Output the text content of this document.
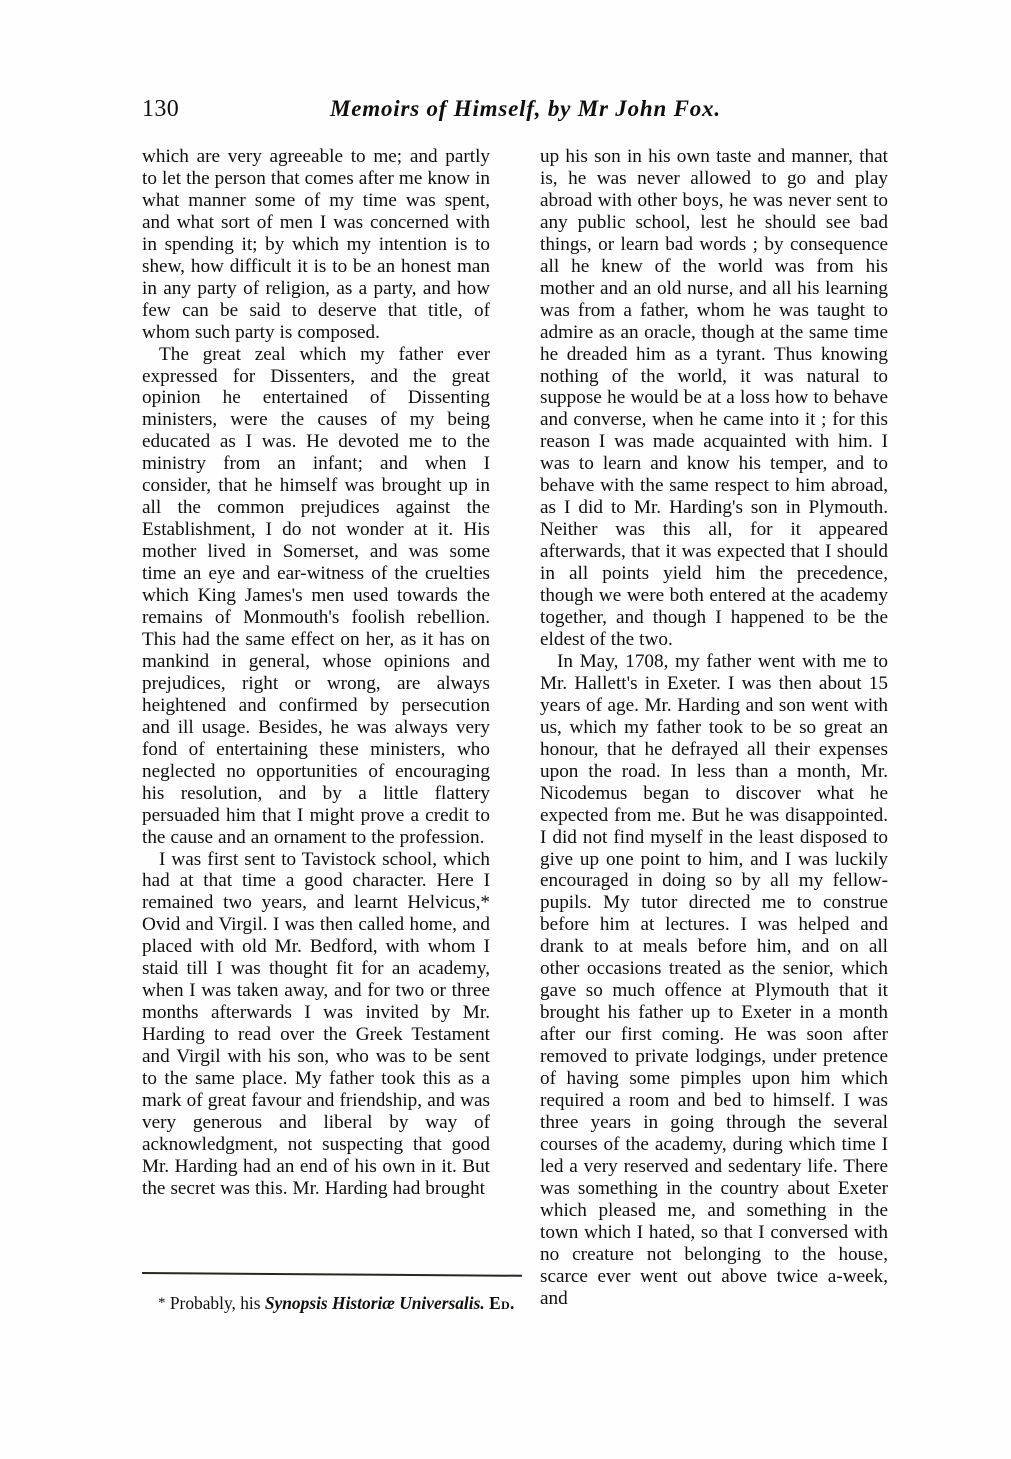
130	Memoirs of Himself, by Mr John Fox.

which are very agreeable to me; and partly to let the person that comes after me know in what manner some of my time was spent, and what sort of men I was concerned with in spending it; by which my intention is to shew, how difficult it is to be an honest man in any party of religion, as a party, and how few can be said to deserve that title, of whom such party is composed.

The great zeal which my father ever expressed for Dissenters, and the great opinion he entertained of Dissenting ministers, were the causes of my being educated as I was. He devoted me to the ministry from an infant; and when I consider, that he himself was brought up in all the common prejudices against the Establishment, I do not wonder at it. His mother lived in Somerset, and was some time an eye and ear-witness of the cruelties which King James's men used towards the remains of Monmouth's foolish rebellion. This had the same effect on her, as it has on mankind in general, whose opinions and prejudices, right or wrong, are always heightened and confirmed by persecution and ill usage. Besides, he was always very fond of entertaining these ministers, who neglected no opportunities of encouraging his resolution, and by a little flattery persuaded him that I might prove a credit to the cause and an ornament to the profession.

I was first sent to Tavistock school, which had at that time a good character. Here I remained two years, and learnt Helvicus,* Ovid and Virgil. I was then called home, and placed with old Mr. Bedford, with whom I staid till I was thought fit for an academy, when I was taken away, and for two or three months afterwards I was invited by Mr. Harding to read over the Greek Testament and Virgil with his son, who was to be sent to the same place. My father took this as a mark of great favour and friendship, and was very generous and liberal by way of acknowledgment, not suspecting that good Mr. Harding had an end of his own in it. But the secret was this. Mr. Harding had brought

up his son in his own taste and manner, that is, he was never allowed to go and play abroad with other boys, he was never sent to any public school, lest he should see bad things, or learn bad words ; by consequence all he knew of the world was from his mother and an old nurse, and all his learning was from a father, whom he was taught to admire as an oracle, though at the same time he dreaded him as a tyrant. Thus knowing nothing of the world, it was natural to suppose he would be at a loss how to behave and converse, when he came into it ; for this reason I was made acquainted with him. I was to learn and know his temper, and to behave with the same respect to him abroad, as I did to Mr. Harding's son in Plymouth. Neither was this all, for it appeared afterwards, that it was expected that I should in all points yield him the precedence, though we were both entered at the academy together, and though I happened to be the eldest of the two.

In May, 1708, my father went with me to Mr. Hallett's in Exeter. I was then about 15 years of age. Mr. Harding and son went with us, which my father took to be so great an honour, that he defrayed all their expenses upon the road. In less than a month, Mr. Nicodemus began to discover what he expected from me. But he was disappointed. I did not find myself in the least disposed to give up one point to him, and I was luckily encouraged in doing so by all my fellow-pupils. My tutor directed me to construe before him at lectures. I was helped and drank to at meals before him, and on all other occasions treated as the senior, which gave so much offence at Plymouth that it brought his father up to Exeter in a month after our first coming. He was soon after removed to private lodgings, under pretence of having some pimples upon him which required a room and bed to himself. I was three years in going through the several courses of the academy, during which time I led a very reserved and sedentary life. There was something in the country about Exeter which pleased me, and something in the town which I hated, so that I conversed with no creature not belonging to the house, scarce ever went out above twice a-week, and

* Probably, his Synopsis Historiæ Universalis. Ed.
